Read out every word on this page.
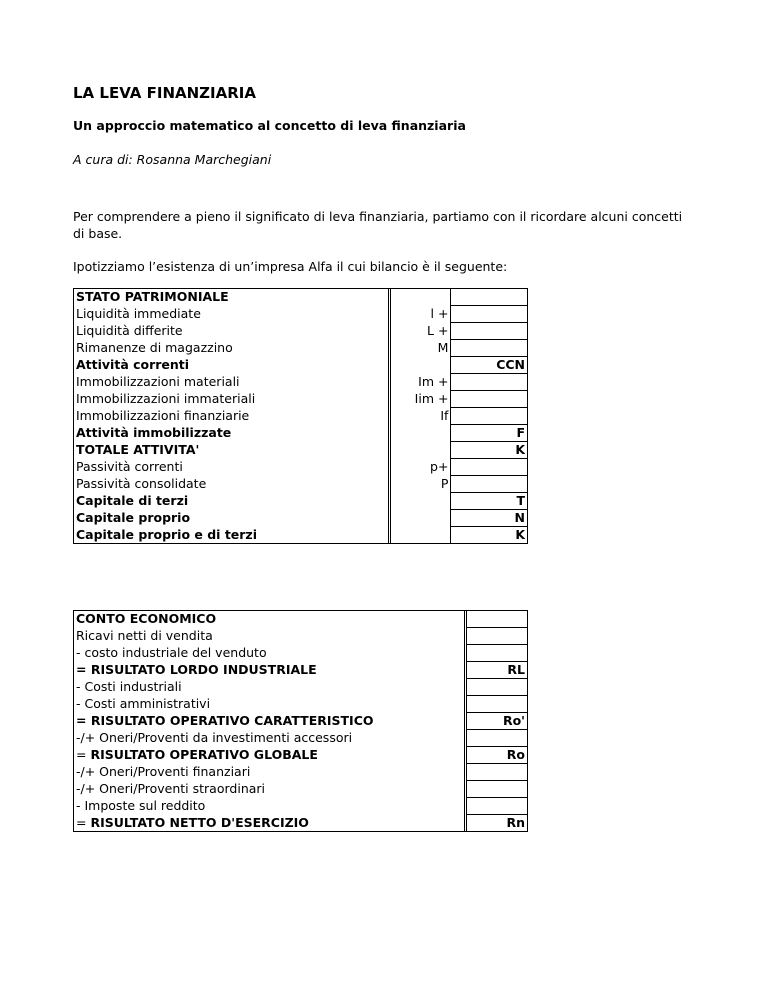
LA LEVA FINANZIARIA

Un approccio matematico al concetto di leva finanziaria

A cura di: Rosanna Marchegiani

Per comprendere a pieno il significato di leva finanziaria, partiamo con il ricordare alcuni concetti di base.

Ipotizziamo l’esistenza di un’impresa Alfa il cui bilancio è il seguente:

STATO PATRIMONIALE			
Liquidità immediate		l +	
Liquidità differite		L +	
Rimanenze di magazzino		M	
Attività correnti			CCN
Immobilizzazioni materiali		Im +	
Immobilizzazioni immateriali		Iim +	
Immobilizzazioni finanziarie		If	
Attività immobilizzate			F
TOTALE ATTIVITA'			K
Passività correnti		p+	
Passività consolidate		P	
Capitale di terzi			T
Capitale proprio			N
Capitale proprio e di terzi			K
CONTO ECONOMICO		
Ricavi netti di vendita		
- costo industriale del venduto		
= RISULTATO LORDO INDUSTRIALE		RL
- Costi industriali		
- Costi amministrativi		
= RISULTATO OPERATIVO CARATTERISTICO		Ro'
-/+ Oneri/Proventi da investimenti accessori		
= RISULTATO OPERATIVO GLOBALE		Ro
-/+ Oneri/Proventi finanziari		
-/+ Oneri/Proventi straordinari		
- Imposte sul reddito		
= RISULTATO NETTO D'ESERCIZIO		Rn
